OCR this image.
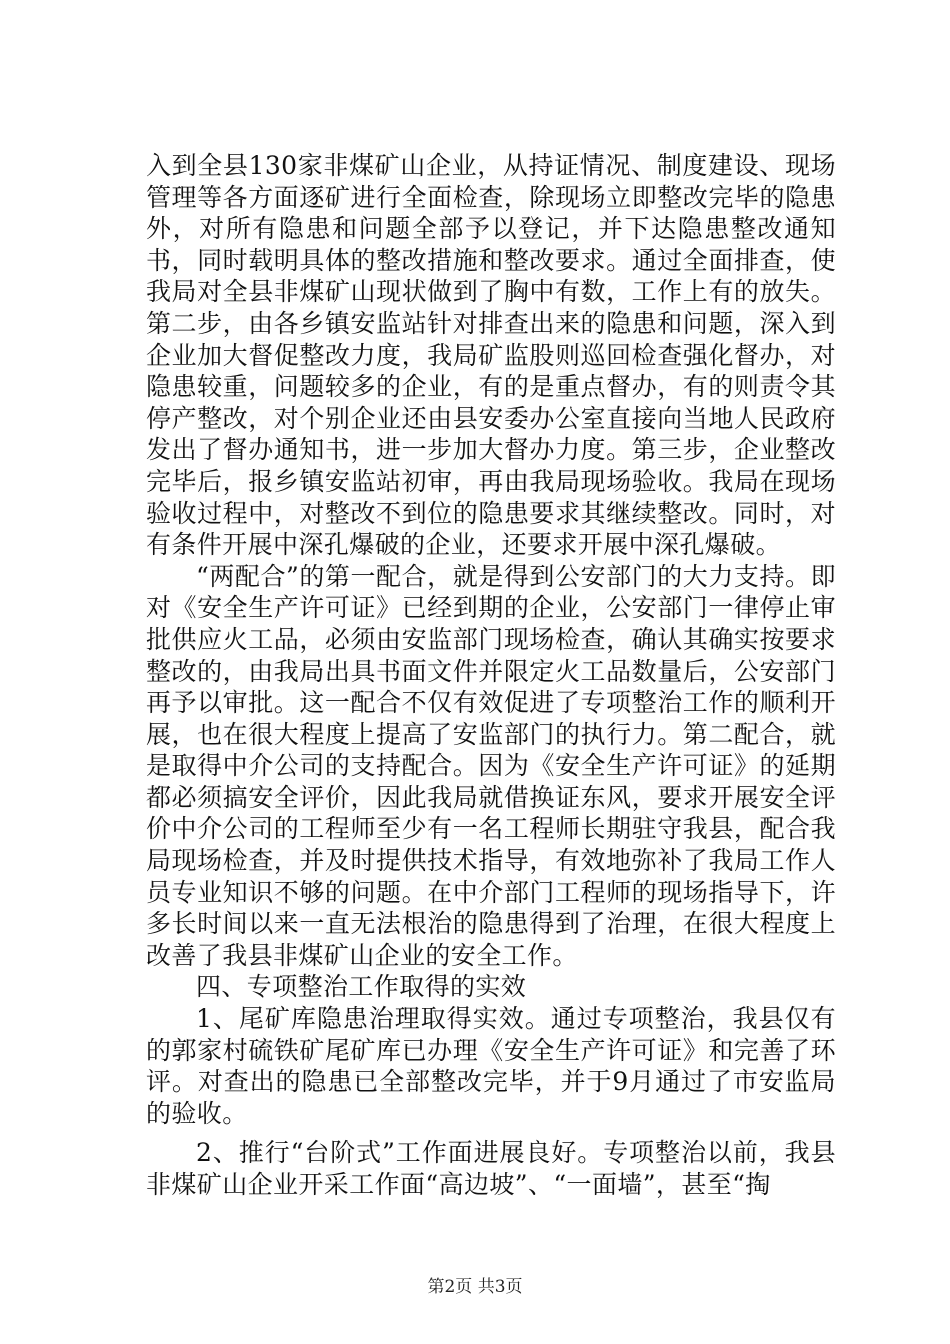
入到全县130家非煤矿山企业，从持证情况、制度建设、现场管理等各方面逐矿进行全面检查，除现场立即整改完毕的隐患外，对所有隐患和问题全部予以登记，并下达隐患整改通知书，同时载明具体的整改措施和整改要求。通过全面排查，使我局对全县非煤矿山现状做到了胸中有数，工作上有的放失。第二步，由各乡镇安监站针对排查出来的隐患和问题，深入到企业加大督促整改力度，我局矿监股则巡回检查强化督办，对隐患较重，问题较多的企业，有的是重点督办，有的则责令其停产整改，对个别企业还由县安委办公室直接向当地人民政府发出了督办通知书，进一步加大督办力度。第三步，企业整改完毕后，报乡镇安监站初审，再由我局现场验收。我局在现场验收过程中，对整改不到位的隐患要求其继续整改。同时，对有条件开展中深孔爆破的企业，还要求开展中深孔爆破。

“两配合”的第一配合，就是得到公安部门的大力支持。即对《安全生产许可证》已经到期的企业，公安部门一律停止审批供应火工品，必须由安监部门现场检查，确认其确实按要求整改的，由我局出具书面文件并限定火工品数量后，公安部门再予以审批。这一配合不仅有效促进了专项整治工作的顺利开展，也在很大程度上提高了安监部门的执行力。第二配合，就是取得中介公司的支持配合。因为《安全生产许可证》的延期都必须搞安全评价，因此我局就借换证东风，要求开展安全评价中介公司的工程师至少有一名工程师长期驻守我县，配合我局现场检查，并及时提供技术指导，有效地弥补了我局工作人员专业知识不够的问题。在中介部门工程师的现场指导下，许多长时间以来一直无法根治的隐患得到了治理，在很大程度上改善了我县非煤矿山企业的安全工作。

四、专项整治工作取得的实效

1、尾矿库隐患治理取得实效。通过专项整治，我县仅有的郭家村硫铁矿尾矿库已办理《安全生产许可证》和完善了环评。对查出的隐患已全部整改完毕，并于9月通过了市安监局的验收。

2、推行“台阶式”工作面进展良好。专项整治以前，我县非煤矿山企业开采工作面“高边坡”、“一面墙”，甚至“掏

第2页 共3页
